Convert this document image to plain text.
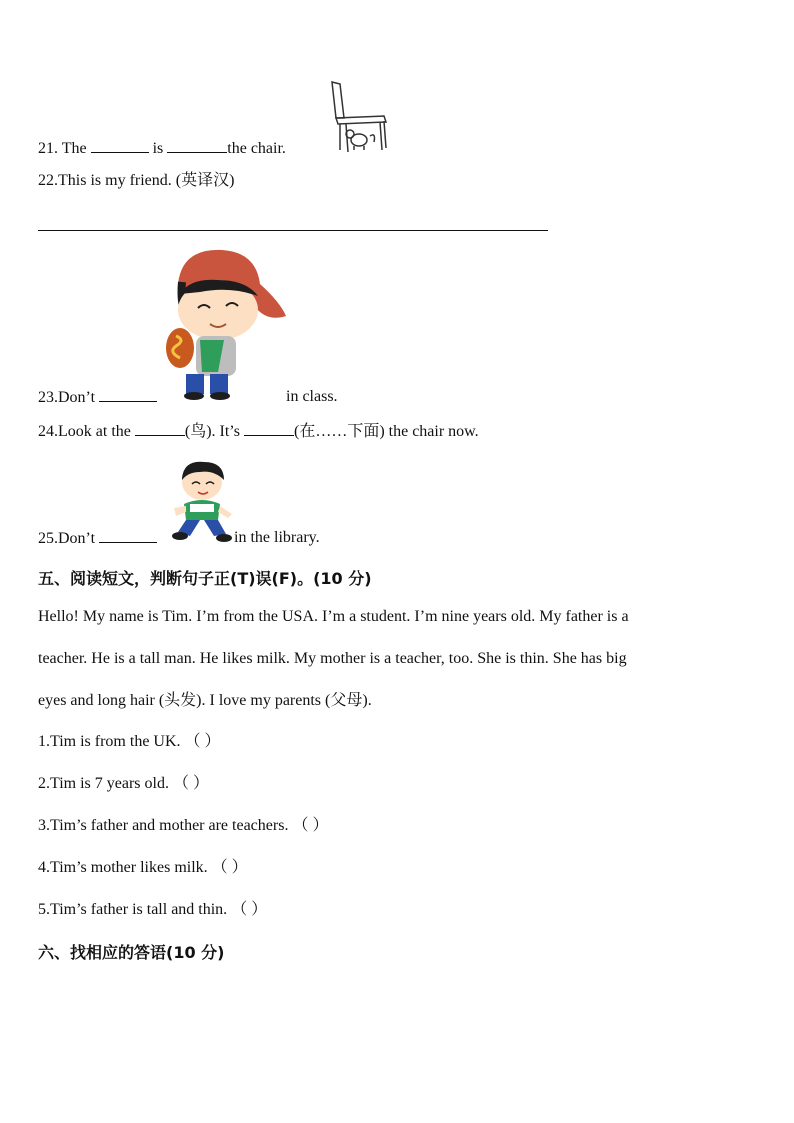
21. The	is	the chair.
22.This is my friend. (英译汉)
23.Don’t	in class.
24.Look at the	(鸟). It’s	(在……下面) the chair now.
25.Don’t	in the library.
五、阅读短文，判断句子正(T)误(F)。(10 分)
Hello! My name is Tim. I’m from the USA. I’m a student. I’m nine years old. My father is a
teacher. He is a tall man. He likes milk. My mother is a teacher, too. She is thin. She has big
eyes and long hair (头发). I love my parents (父母).
1.Tim is from the UK. （ ）
2.Tim is 7 years old. （ ）
3.Tim’s father and mother are teachers. （ ）
4.Tim’s mother likes milk. （ ）
5.Tim’s father is tall and thin. （ ）
六、找相应的答语(10 分)
